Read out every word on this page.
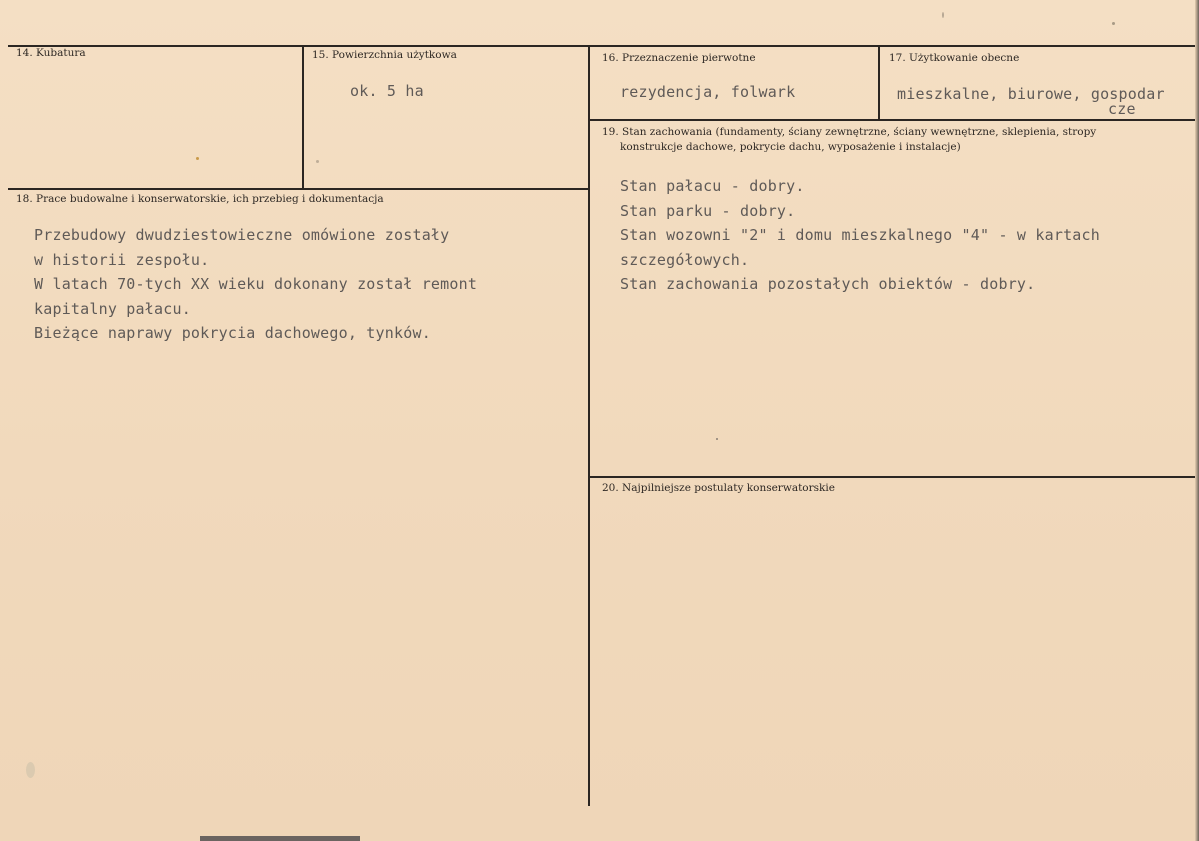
14. Kubatura	15. Powierzchnia użytkowa
ok. 5 ha
16. Przeznaczenie pierwotne
rezydencja, folwark
17. Użytkowanie obecne
mieszkalne, biurowe, gospodar
cze
18. Prace budowalne i konserwatorskie, ich przebieg i dokumentacja
Przebudowy dwudziestowieczne omówione zostały
w historii zespołu.
W latach 70-tych XX wieku dokonany został remont
kapitalny pałacu.
Bieżące naprawy pokrycia dachowego, tynków.
19. Stan zachowania (fundamenty, ściany zewnętrzne, ściany wewnętrzne, sklepienia, stropy
konstrukcje dachowe, pokrycie dachu, wyposażenie i instalacje)
Stan pałacu - dobry.
Stan parku - dobry.
Stan wozowni "2" i domu mieszkalnego "4" - w kartach
szczegółowych.
Stan zachowania pozostałych obiektów - dobry.
20. Najpilniejsze postulaty konserwatorskie
